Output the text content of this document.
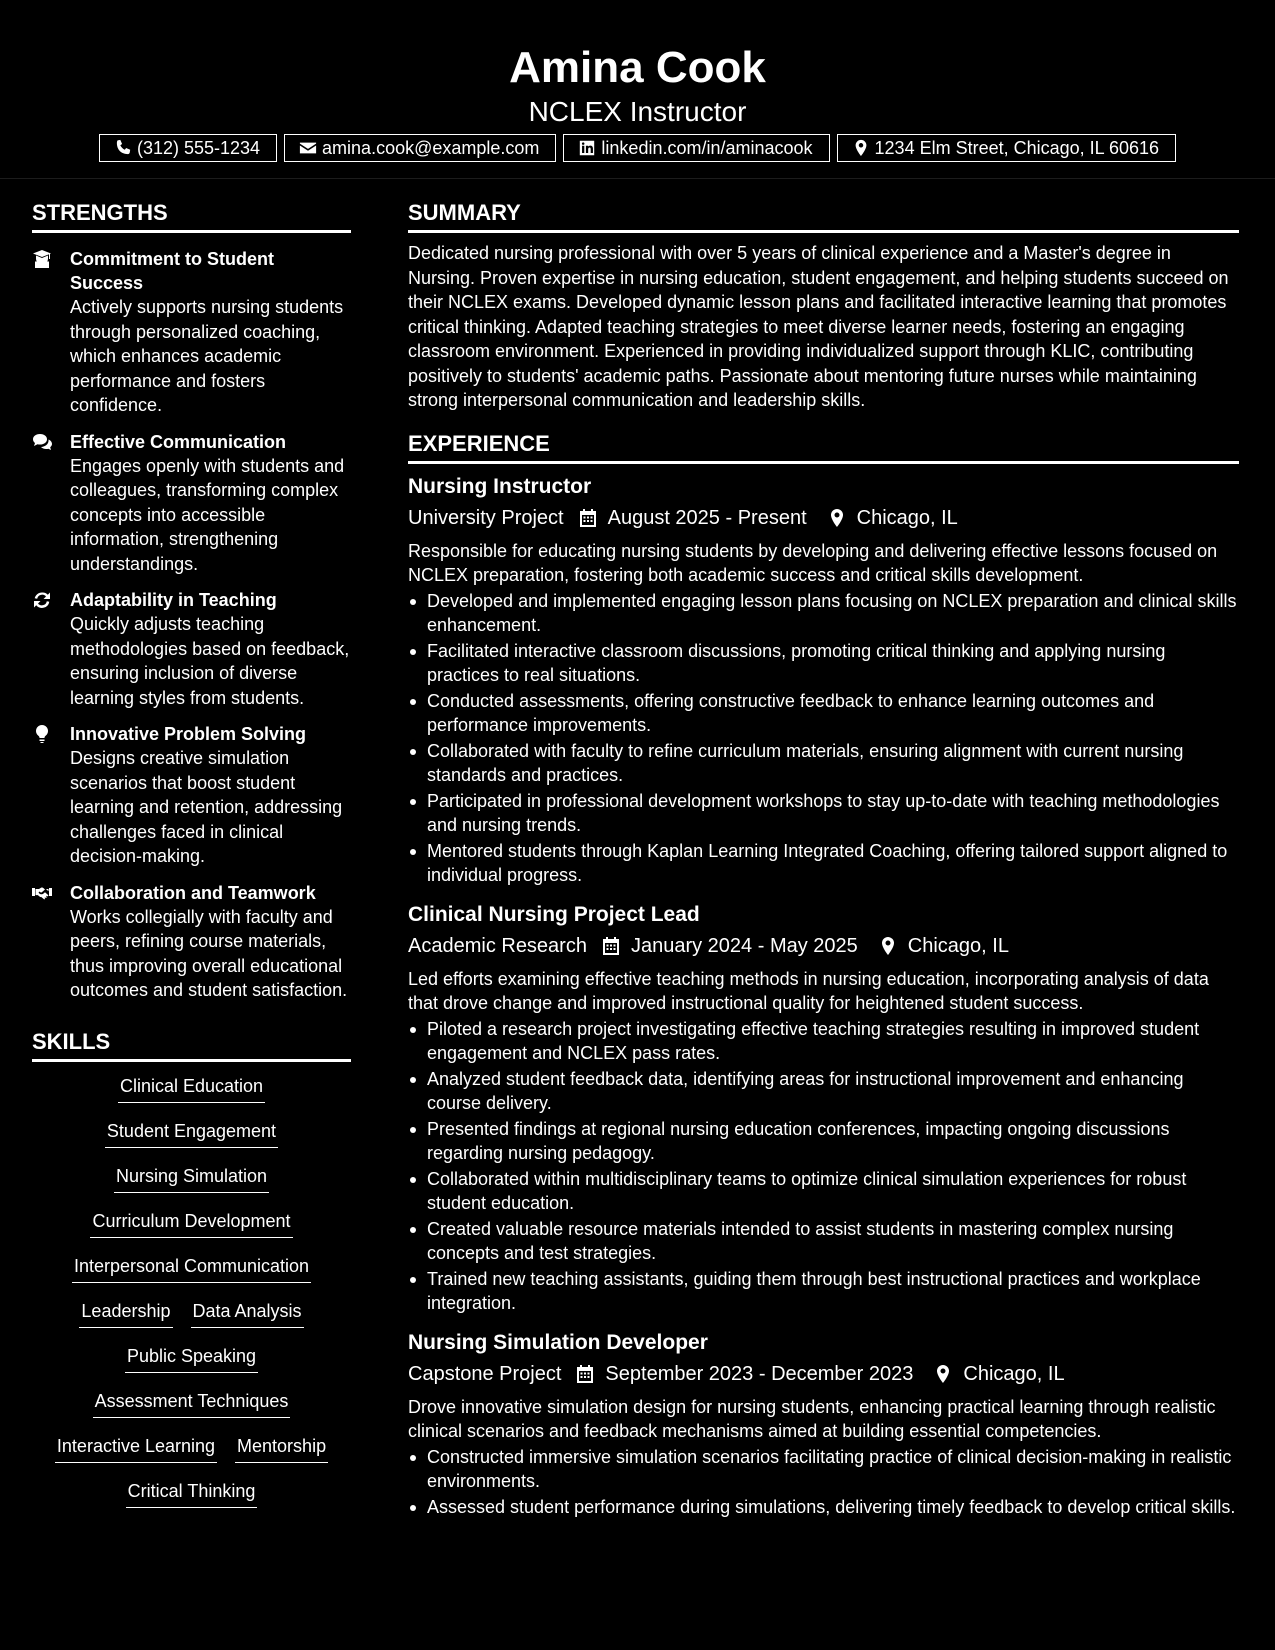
Amina Cook
NCLEX Instructor
(312) 555-1234	amina.cook@example.com	linkedin.com/in/aminacook	1234 Elm Street, Chicago, IL 60616
STRENGTHS
Commitment to Student Success
Actively supports nursing students through personalized coaching, which enhances academic performance and fosters confidence.
Effective Communication
Engages openly with students and colleagues, transforming complex concepts into accessible information, strengthening understandings.
Adaptability in Teaching
Quickly adjusts teaching methodologies based on feedback, ensuring inclusion of diverse learning styles from students.
Innovative Problem Solving
Designs creative simulation scenarios that boost student learning and retention, addressing challenges faced in clinical decision-making.
Collaboration and Teamwork
Works collegially with faculty and peers, refining course materials, thus improving overall educational outcomes and student satisfaction.
SKILLS
Clinical Education
Student Engagement
Nursing Simulation
Curriculum Development
Interpersonal Communication
Leadership Data Analysis
Public Speaking
Assessment Techniques
Interactive Learning Mentorship
Critical Thinking
SUMMARY

Dedicated nursing professional with over 5 years of clinical experience and a Master's degree in Nursing. Proven expertise in nursing education, student engagement, and helping students succeed on their NCLEX exams. Developed dynamic lesson plans and facilitated interactive learning that promotes critical thinking. Adapted teaching strategies to meet diverse learner needs, fostering an engaging classroom environment. Experienced in providing individualized support through KLIC, contributing positively to students' academic paths. Passionate about mentoring future nurses while maintaining strong interpersonal communication and leadership skills.

EXPERIENCE
Nursing Instructor
University Project August 2025 - Present	Chicago, IL
Responsible for educating nursing students by developing and delivering effective lessons focused on NCLEX preparation, fostering both academic success and critical skills development.
Developed and implemented engaging lesson plans focusing on NCLEX preparation and clinical skills enhancement.
Facilitated interactive classroom discussions, promoting critical thinking and applying nursing practices to real situations.
Conducted assessments, offering constructive feedback to enhance learning outcomes and performance improvements.
Collaborated with faculty to refine curriculum materials, ensuring alignment with current nursing standards and practices.
Participated in professional development workshops to stay up-to-date with teaching methodologies and nursing trends.
Mentored students through Kaplan Learning Integrated Coaching, offering tailored support aligned to individual progress.
Clinical Nursing Project Lead
Academic Research January 2024 - May 2025	Chicago, IL
Led efforts examining effective teaching methods in nursing education, incorporating analysis of data that drove change and improved instructional quality for heightened student success.
Piloted a research project investigating effective teaching strategies resulting in improved student engagement and NCLEX pass rates.
Analyzed student feedback data, identifying areas for instructional improvement and enhancing course delivery.
Presented findings at regional nursing education conferences, impacting ongoing discussions regarding nursing pedagogy.
Collaborated within multidisciplinary teams to optimize clinical simulation experiences for robust student education.
Created valuable resource materials intended to assist students in mastering complex nursing concepts and test strategies.
Trained new teaching assistants, guiding them through best instructional practices and workplace integration.
Nursing Simulation Developer
Capstone Project September 2023 - December 2023	Chicago, IL
Drove innovative simulation design for nursing students, enhancing practical learning through realistic clinical scenarios and feedback mechanisms aimed at building essential competencies.
Constructed immersive simulation scenarios facilitating practice of clinical decision-making in realistic environments.
Assessed student performance during simulations, delivering timely feedback to develop critical skills.
